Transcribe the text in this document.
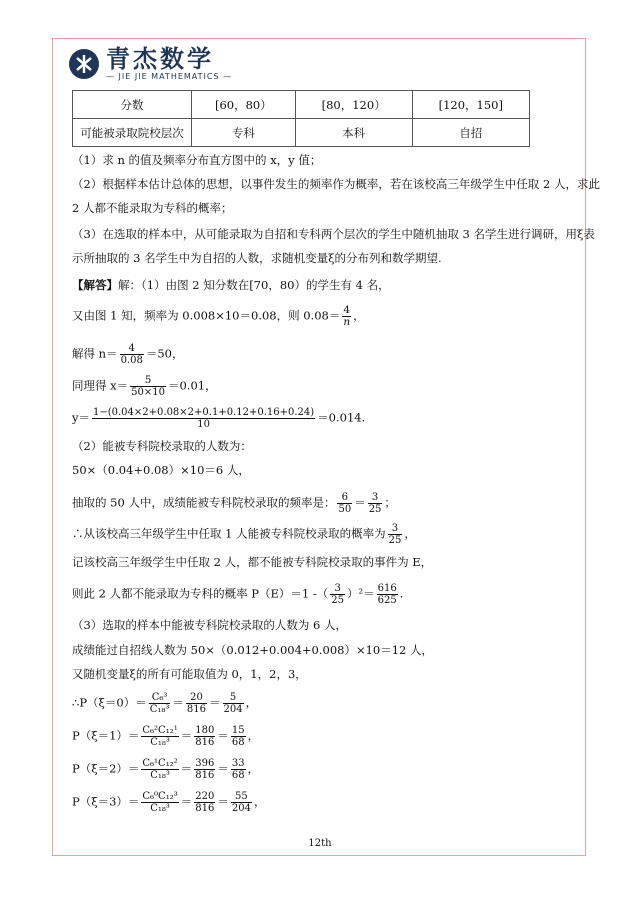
青杰数学
— JIE JIE MATHEMATICS —
分数	[60，80）	[80，120）	[120，150]
可能被录取院校层次	专科	本科	自招
（1）求 n 的值及频率分布直方图中的 x，y 值；
（2）根据样本估计总体的思想，以事件发生的频率作为概率，若在该校高三年级学生中任取 2 人，求此
2 人都不能录取为专科的概率；
（3）在选取的样本中，从可能录取为自招和专科两个层次的学生中随机抽取 3 名学生进行调研，用ξ表
示所抽取的 3 名学生中为自招的人数，求随机变量ξ的分布列和数学期望.
【解答】解：（1）由图 2 知分数在[70，80）的学生有 4 名，
又由图 1 知，频率为 0.008×10＝0.08，则 $0.08= \frac{4}{n}$ ，
解得 $n= \frac{4}{0.08} =50$，
同理得 $x= \frac{5}{50\times 10} =0.01$，
$y= \frac{1-(0.04\times 2+0.08\times 2+0.1+0.12+0.16+0.24)}{10} =0.014$.
（2）能被专科院校录取的人数为：
50×（0.04+0.08）×10＝6 人，
抽取的 50 人中，成绩能被专科院校录取的频率是： $\frac{6}{50} = \frac{3}{25}$ ；
∴从该校高三年级学生中任取 1 人能被专科院校录取的概率为 $\frac{3}{25}$ ，
记该校高三年级学生中任取 2 人，都不能被专科院校录取的事件为 E，
则此 2 人都不能录取为专科的概率 P（E）＝1 -（ $\frac{3}{25} )^2= \frac{616}{625}$ .
（3）选取的样本中能被专科院校录取的人数为 6 人，
成绩能过自招线人数为 50×（0.012+0.004+0.008）×10＝12 人，
又随机变量ξ的所有可能取值为 0，1，2，3，
∴P（ξ＝0）＝ $\frac{\text{C₆³}}{\text{C₁₈³}} = \frac{20}{816} = \frac{5}{204}$ ，
$P(\xi=1)= \frac{\text{C₆²C₁₂¹}}{\text{C₁₈³}} = \frac{180}{816} = \frac{15}{68}$ ，
$P(\xi=2)= \frac{\text{C₆¹C₁₂²}}{\text{C₁₈³}} = \frac{396}{816} = \frac{33}{68}$ ，
$P(\xi=3)= \frac{\text{C₆⁰C₁₂³}}{\text{C₁₈³}} = \frac{220}{816} = \frac{55}{204}$ ，
12th
